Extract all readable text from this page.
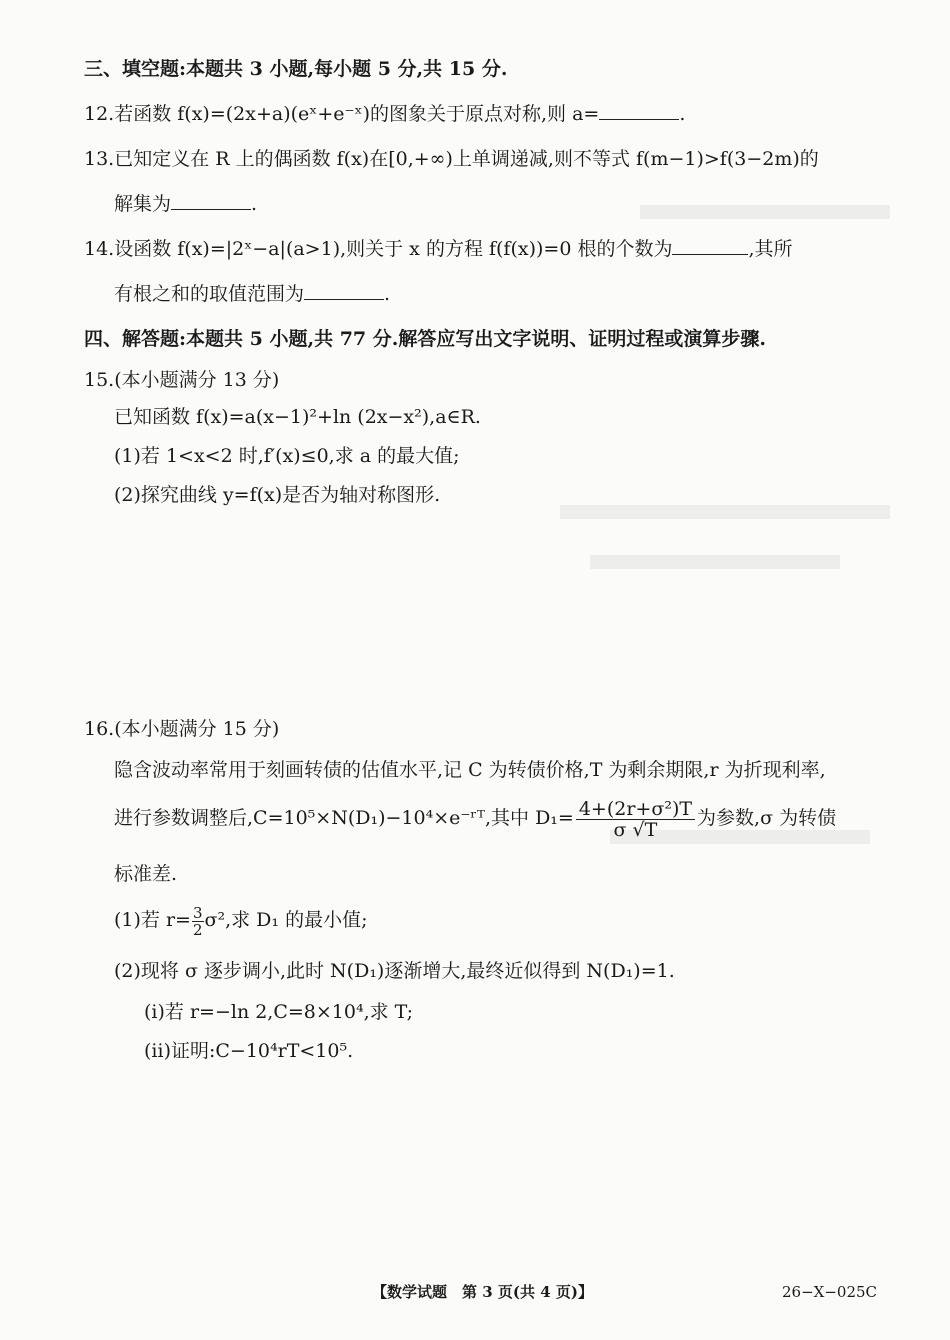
三、填空题:本题共 3 小题,每小题 5 分,共 15 分.
12.若函数 f(x)=(2x+a)(eˣ+e⁻ˣ)的图象关于原点对称,则 a=	.
13.已知定义在 R 上的偶函数 f(x)在[0,+∞)上单调递减,则不等式 f(m−1)>f(3−2m)的
解集为	.
14.设函数 f(x)=|2ˣ−a|(a>1),则关于 x 的方程 f(f(x))=0 根的个数为	,其所
有根之和的取值范围为	.
四、解答题:本题共 5 小题,共 77 分.解答应写出文字说明、证明过程或演算步骤.
15.(本小题满分 13 分)
已知函数 f(x)=a(x−1)²+ln (2x−x²),a∈R.
(1)若 1<x<2 时,f′(x)≤0,求 a 的最大值;
(2)探究曲线 y=f(x)是否为轴对称图形.
16.(本小题满分 15 分)
隐含波动率常用于刻画转债的估值水平,记 C 为转债价格,T 为剩余期限,r 为折现利率,
进行参数调整后,C=10⁵×N(D₁)−10⁴×e⁻ʳᵀ,其中 $D_1= \frac{\text{4+(2r+σ²)T}}{\sigma √T}$ 为参数,σ 为转债
标准差.
(1)若 $r= \frac{3}{2} \sigma^2$,求 D₁ 的最小值;
(2)现将 σ 逐步调小,此时 N(D₁)逐渐增大,最终近似得到 N(D₁)=1.
(ⅰ)若 r=−ln 2,C=8×10⁴,求 T;
(ⅱ)证明:C−10⁴rT<10⁵.
【数学试题　第 3 页(共 4 页)】	26−X−025C
